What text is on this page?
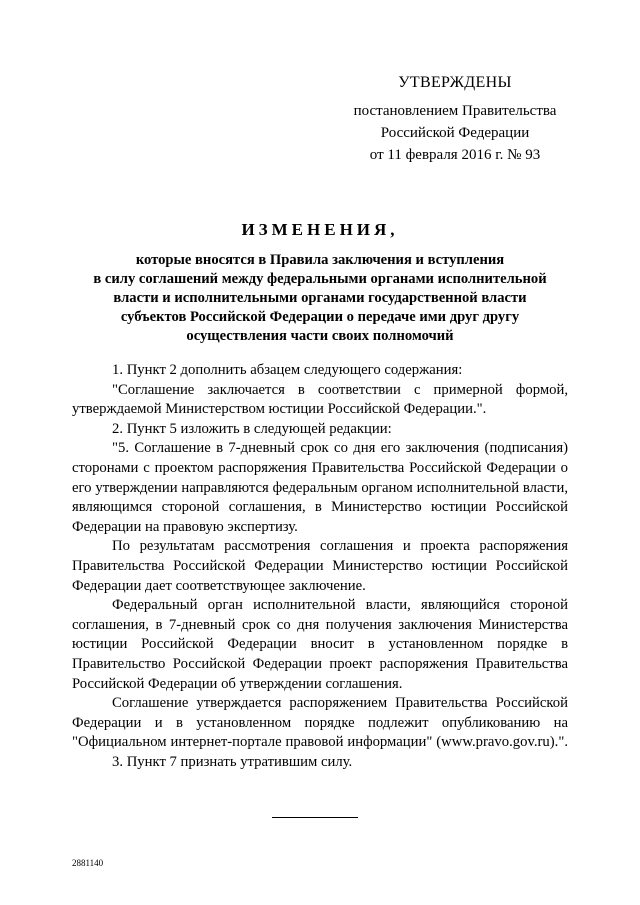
УТВЕРЖДЕНЫ
постановлением Правительства
Российской Федерации
от 11 февраля 2016 г. № 93
ИЗМЕНЕНИЯ,
которые вносятся в Правила заключения и вступления
в силу соглашений между федеральными органами исполнительной
власти и исполнительными органами государственной власти
субъектов Российской Федерации о передаче ими друг другу
осуществления части своих полномочий

1. Пункт 2 дополнить абзацем следующего содержания:

"Соглашение заключается в соответствии с примерной формой, утверждаемой Министерством юстиции Российской Федерации.".

2. Пункт 5 изложить в следующей редакции:

"5. Соглашение в 7-дневный срок со дня его заключения (подписания) сторонами с проектом распоряжения Правительства Российской Федерации о его утверждении направляются федеральным органом исполнительной власти, являющимся стороной соглашения, в Министерство юстиции Российской Федерации на правовую экспертизу.

По результатам рассмотрения соглашения и проекта распоряжения Правительства Российской Федерации Министерство юстиции Российской Федерации дает соответствующее заключение.

Федеральный орган исполнительной власти, являющийся стороной соглашения, в 7-дневный срок со дня получения заключения Министерства юстиции Российской Федерации вносит в установленном порядке в Правительство Российской Федерации проект распоряжения Правительства Российской Федерации об утверждении соглашения.

Соглашение утверждается распоряжением Правительства Российской Федерации и в установленном порядке подлежит опубликованию на "Официальном интернет-портале правовой информации" (www.pravo.gov.ru).".

3. Пункт 7 признать утратившим силу.

2881140
